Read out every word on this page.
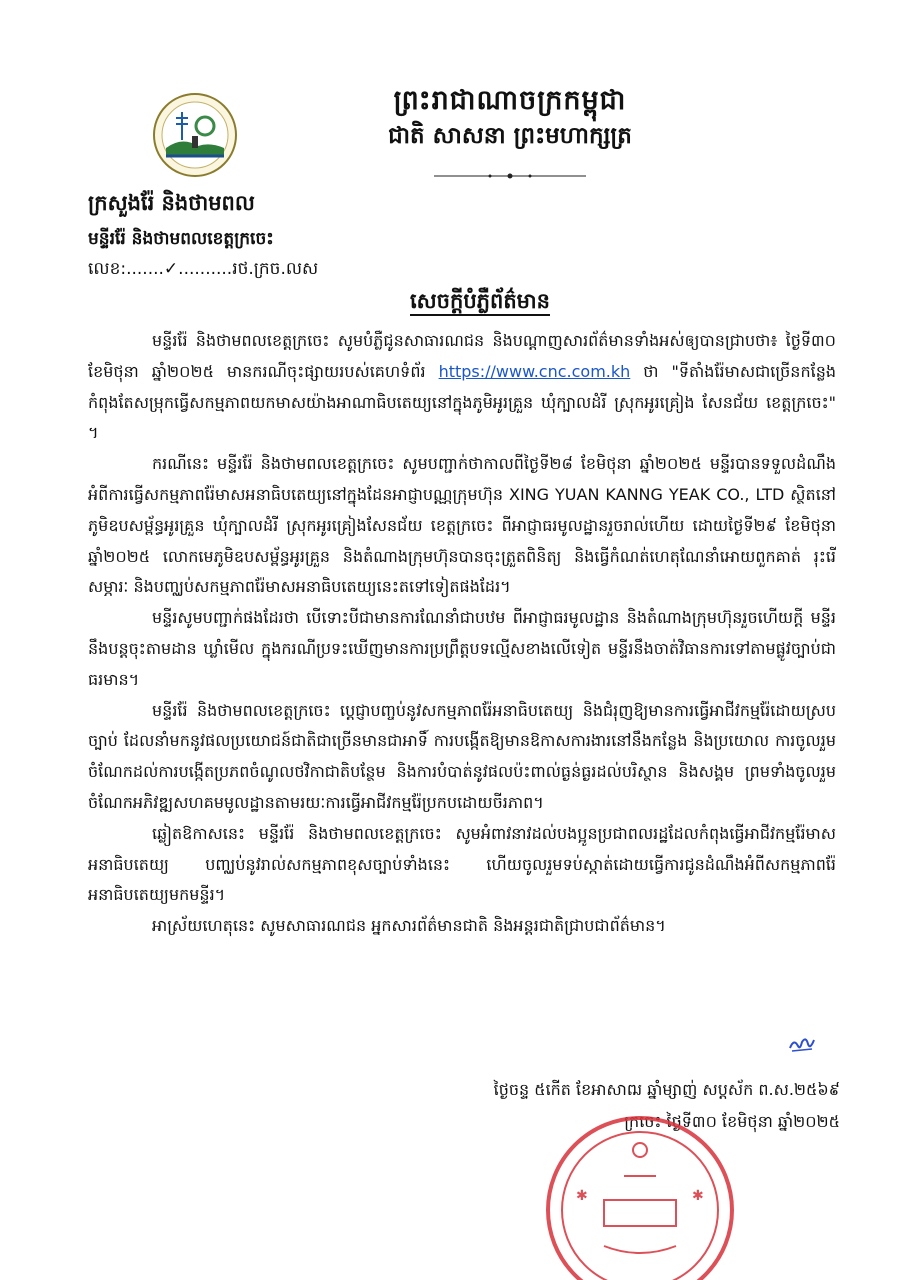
ព្រះរាជាណាចក្រកម្ពុជា
ជាតិ សាសនា ព្រះមហាក្សត្រ
ក្រសួងរ៉ែ និងថាមពល
មន្ទីររ៉ែ និងថាមពលខេត្តក្រចេះ
លេខ:.......✓..........រថ.ក្រច.លស
សេចក្តីបំភ្លឺព័ត៌មាន

មន្ទីររ៉ែ និងថាមពលខេត្តក្រចេះ សូមបំភ្លឺជូនសាធារណជន និងបណ្តាញសារព័ត៌មានទាំងអស់ឲ្យបានជ្រាបថា៖ ថ្ងៃទី៣០ ខែមិថុនា ឆ្នាំ២០២៥ មានករណីចុះផ្សាយរបស់គេហទំព័រ https://www.cnc.com.kh ថា "ទីតាំងរ៉ែមាសជាច្រើនកន្លែង កំពុងតែសម្រុកធ្វើសកម្មភាពយកមាសយ៉ាងអាណាធិបតេយ្យនៅក្នុងភូមិអូរគ្រួន ឃុំក្បាលដំរី ស្រុកអូរគ្រៀង សែនជ័យ ខេត្តក្រចេះ" ។

ករណីនេះ មន្ទីររ៉ែ និងថាមពលខេត្តក្រចេះ សូមបញ្ជាក់ថាកាលពីថ្ងៃទី២៨ ខែមិថុនា ឆ្នាំ២០២៥ មន្ទីរបានទទួលដំណឹងអំពីការធ្វើសកម្មភាពរ៉ែមាសអនាធិបតេយ្យនៅក្នុងដែនអាជ្ញាបណ្ណក្រុមហ៊ុន XING YUAN KANNG YEAK CO., LTD ស្ថិតនៅភូមិឧបសម្ព័ន្ធអូរគ្រួន ឃុំក្បាលដំរី ស្រុកអូរគ្រៀងសែនជ័យ ខេត្តក្រចេះ ពីអាជ្ញាធរមូលដ្ឋានរួចរាល់ហើយ ដោយថ្ងៃទី២៩ ខែមិថុនា ឆ្នាំ២០២៥ លោកមេភូមិឧបសម្ព័ន្ធអូរគ្រួន និងតំណាងក្រុមហ៊ុនបានចុះត្រួតពិនិត្យ និងធ្វើកំណត់ហេតុណែនាំអោយពួកគាត់ រុះរើសម្ភារៈ និងបញ្ឈប់សកម្មភាពរ៉ែមាសអនាធិបតេយ្យនេះតទៅទៀតផងដែរ។

មន្ទីរសូមបញ្ជាក់ផងដែរថា បើទោះបីជាមានការណែនាំជាបឋម ពីអាជ្ញាធរមូលដ្ឋាន និងតំណាងក្រុមហ៊ុនរួចហើយក្តី មន្ទីរនឹងបន្តចុះតាមដាន ឃ្លាំមើល ក្នុងករណីប្រទះឃើញមានការប្រព្រឹត្តបទល្មើសខាងលើទៀត មន្ទីរនឹងចាត់វិធានការទៅតាមផ្លូវច្បាប់ជាធរមាន។

មន្ទីររ៉ែ និងថាមពលខេត្តក្រចេះ ប្តេជ្ញាបញ្ចប់នូវសកម្មភាពរ៉ែអនាធិបតេយ្យ និងជំរុញឱ្យមានការធ្វើអាជីវកម្មរ៉ែដោយស្របច្បាប់ ដែលនាំមកនូវផលប្រយោជន៍ជាតិជាច្រើនមានជាអាទិ៍ ការបង្កើតឱ្យមានឱកាសការងារនៅនឹងកន្លែង និងប្រយោល ការចូលរួមចំណែកដល់ការបង្កើតប្រភពចំណូលថវិកាជាតិបន្ថែម និងការបំបាត់នូវផលប៉ះពាល់ធ្ងន់ធ្ងរដល់បរិស្ថាន និងសង្គម ព្រមទាំងចូលរួមចំណែកអភិវឌ្ឍសហគមមូលដ្ឋានតាមរយៈការធ្វើអាជីវកម្មរ៉ែប្រកបដោយចីរភាព។

ឆ្លៀតឱកាសនេះ មន្ទីររ៉ែ និងថាមពលខេត្តក្រចេះ សូមអំពាវនាវដល់បងប្អូនប្រជាពលរដ្ឋដែលកំពុងធ្វើអាជីវកម្មរ៉ែមាសអនាធិបតេយ្យ បញ្ឈប់នូវរាល់សកម្មភាពខុសច្បាប់ទាំងនេះ ហើយចូលរួមទប់ស្កាត់ដោយធ្វើការជូនដំណឹងអំពីសកម្មភាពរ៉ែអនាធិបតេយ្យមកមន្ទីរ។

អាស្រ័យហេតុនេះ សូមសាធារណជន អ្នកសារព័ត៌មានជាតិ និងអន្តរជាតិជ្រាបជាព័ត៌មាន។

ថ្ងៃចន្ទ ៥កើត ខែអាសាឍ ឆ្នាំម្សាញ់ សប្តស័ក ព.ស.២៥៦៩
ក្រចេះ ថ្ងៃទី៣០ ខែមិថុនា ឆ្នាំ២០២៥
✱	✱
